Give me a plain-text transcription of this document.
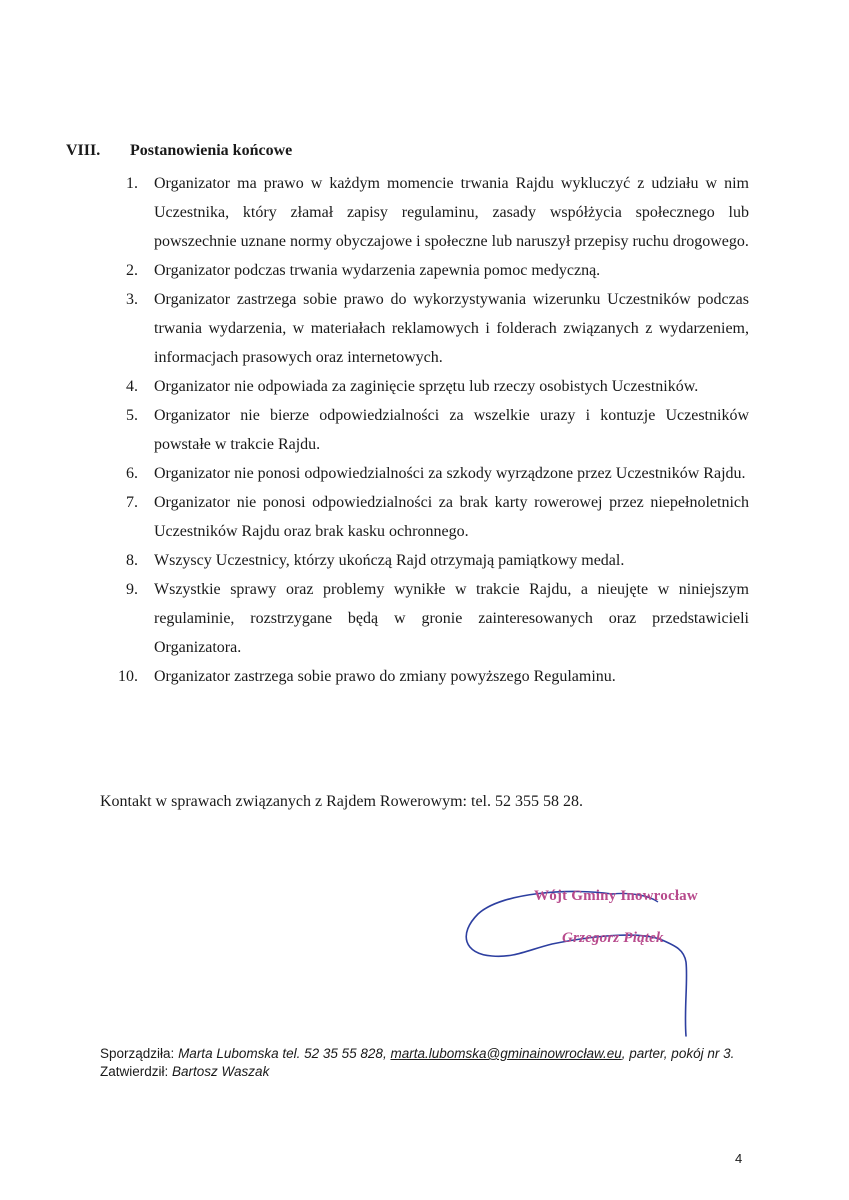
VIII. Postanowienia końcowe
1.	Organizator ma prawo w każdym momencie trwania Rajdu wykluczyć z udziału w nim Uczestnika, który złamał zapisy regulaminu, zasady współżycia społecznego lub powszechnie uznane normy obyczajowe i społeczne lub naruszył przepisy ruchu drogowego.
2.	Organizator podczas trwania wydarzenia zapewnia pomoc medyczną.
3.	Organizator zastrzega sobie prawo do wykorzystywania wizerunku Uczestników podczas trwania wydarzenia, w materiałach reklamowych i folderach związanych z wydarzeniem, informacjach prasowych oraz internetowych.
4.	Organizator nie odpowiada za zaginięcie sprzętu lub rzeczy osobistych Uczestników.
5.	Organizator nie bierze odpowiedzialności za wszelkie urazy i kontuzje Uczestników powstałe w trakcie Rajdu.
6.	Organizator nie ponosi odpowiedzialności za szkody wyrządzone przez Uczestników Rajdu.
7.	Organizator nie ponosi odpowiedzialności za brak karty rowerowej przez niepełnoletnich Uczestników Rajdu oraz brak kasku ochronnego.
8.	Wszyscy Uczestnicy, którzy ukończą Rajd otrzymają pamiątkowy medal.
9.	Wszystkie sprawy oraz problemy wynikłe w trakcie Rajdu, a nieujęte w niniejszym regulaminie, rozstrzygane będą w gronie zainteresowanych oraz przedstawicieli Organizatora.
10.	Organizator zastrzega sobie prawo do zmiany powyższego Regulaminu.
Kontakt w sprawach związanych z Rajdem Rowerowym: tel. 52 355 58 28.
Wójt Gminy Inowrocław
Grzegorz Piątek
Sporządziła: Marta Lubomska tel. 52 35 55 828, marta.lubomska@gminainowrocław.eu, parter, pokój nr 3.
Zatwierdził: Bartosz Waszak
4
